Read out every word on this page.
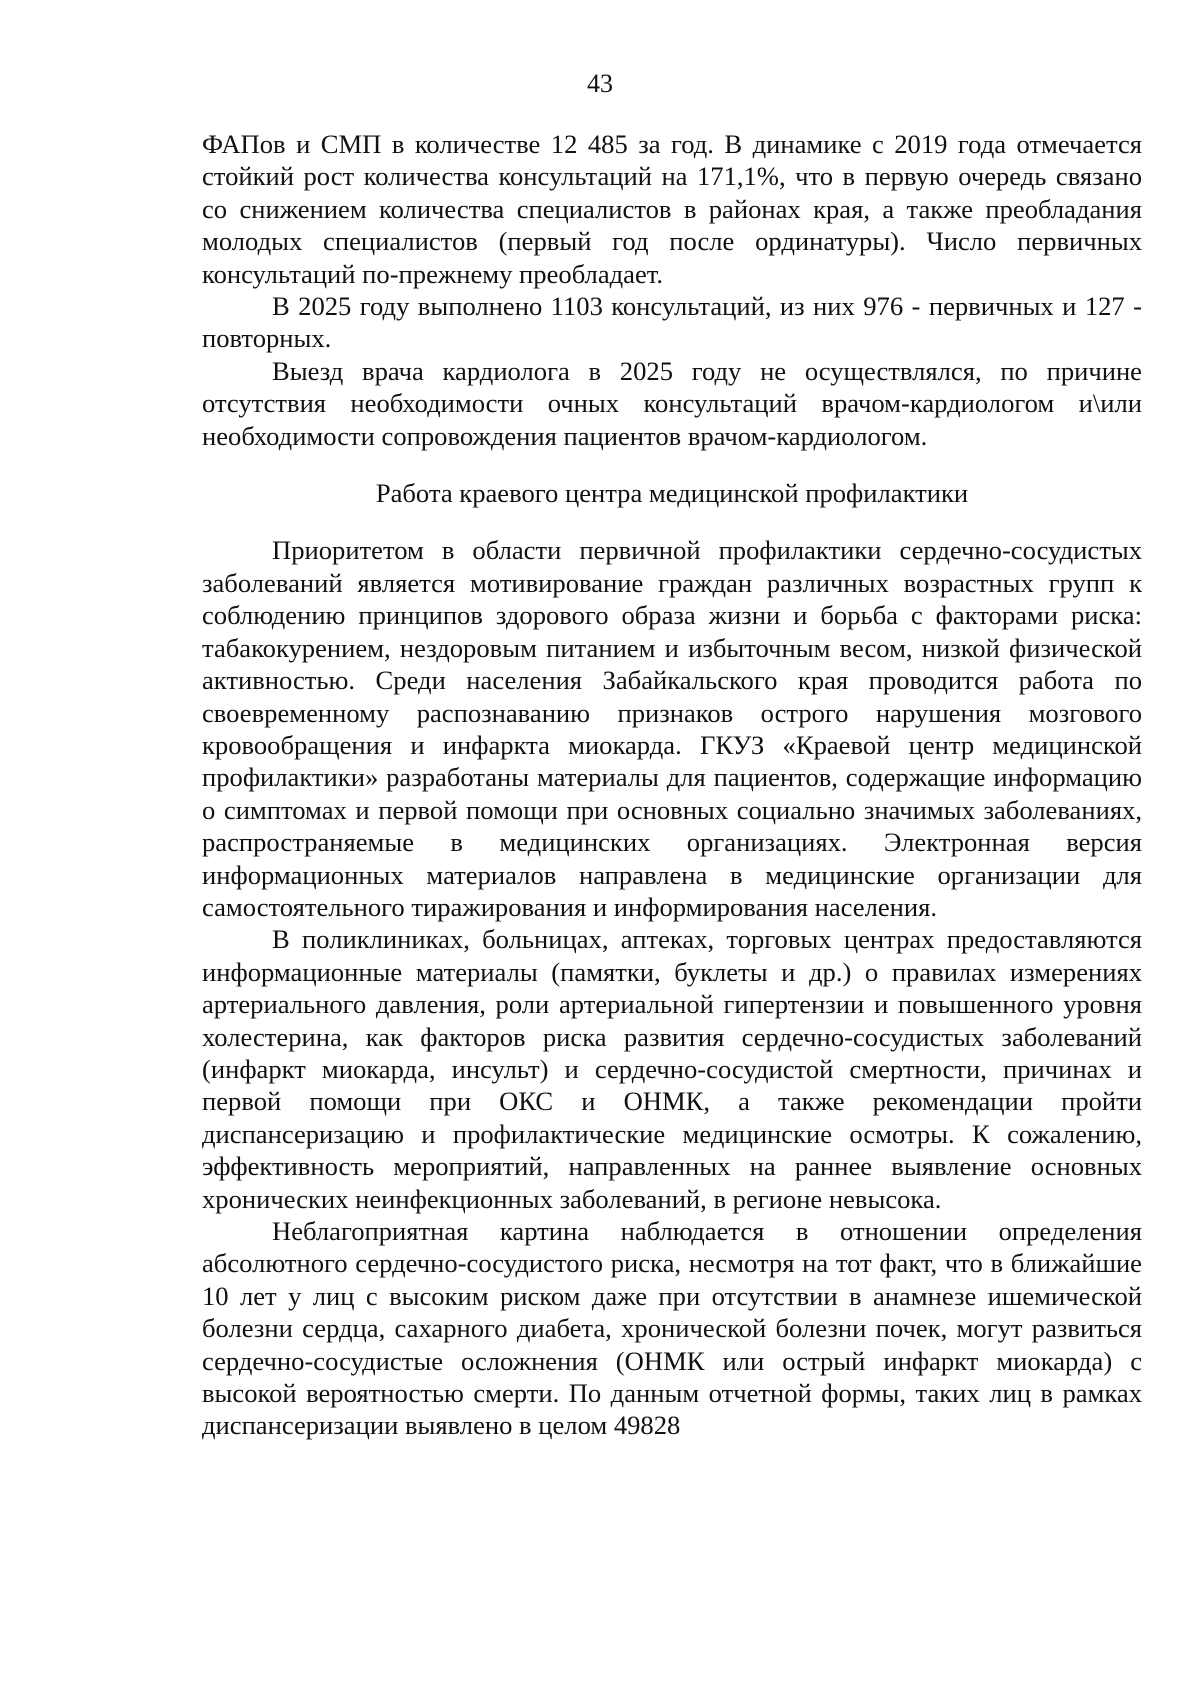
43

ФАПов и СМП в количестве 12 485 за год. В динамике с 2019 года отмечается стойкий рост количества консультаций на 171,1%, что в первую очередь связано со снижением количества специалистов в районах края, а также преобладания молодых специалистов (первый год после ординатуры). Число первичных консультаций по-прежнему преобладает.

В 2025 году выполнено 1103 консультаций, из них 976 - первичных и 127 - повторных.

Выезд врача кардиолога в 2025 году не осуществлялся, по причине отсутствия необходимости очных консультаций врачом-кардиологом и\или необходимости сопровождения пациентов врачом-кардиологом.

Работа краевого центра медицинской профилактики

Приоритетом в области первичной профилактики сердечно-сосудистых заболеваний является мотивирование граждан различных возрастных групп к соблюдению принципов здорового образа жизни и борьба с факторами риска: табакокурением, нездоровым питанием и избыточным весом, низкой физической активностью. Среди населения Забайкальского края проводится работа по своевременному распознаванию признаков острого нарушения мозгового кровообращения и инфаркта миокарда. ГКУЗ «Краевой центр медицинской профилактики» разработаны материалы для пациентов, содержащие информацию о симптомах и первой помощи при основных социально значимых заболеваниях, распространяемые в медицинских организациях. Электронная версия информационных материалов направлена в медицинские организации для самостоятельного тиражирования и информирования населения.

В поликлиниках, больницах, аптеках, торговых центрах предоставляются информационные материалы (памятки, буклеты и др.) о правилах измерениях артериального давления, роли артериальной гипертензии и повышенного уровня холестерина, как факторов риска развития сердечно-сосудистых заболеваний (инфаркт миокарда, инсульт) и сердечно-сосудистой смертности, причинах и первой помощи при ОКС и ОНМК, а также рекомендации пройти диспансеризацию и профилактические медицинские осмотры. К сожалению, эффективность мероприятий, направленных на раннее выявление основных хронических неинфекционных заболеваний, в регионе невысока.

Неблагоприятная картина наблюдается в отношении определения абсолютного сердечно-сосудистого риска, несмотря на тот факт, что в ближайшие 10 лет у лиц с высоким риском даже при отсутствии в анамнезе ишемической болезни сердца, сахарного диабета, хронической болезни почек, могут развиться сердечно-сосудистые осложнения (ОНМК или острый инфаркт миокарда) с высокой вероятностью смерти. По данным отчетной формы, таких лиц в рамках диспансеризации выявлено в целом 49828
